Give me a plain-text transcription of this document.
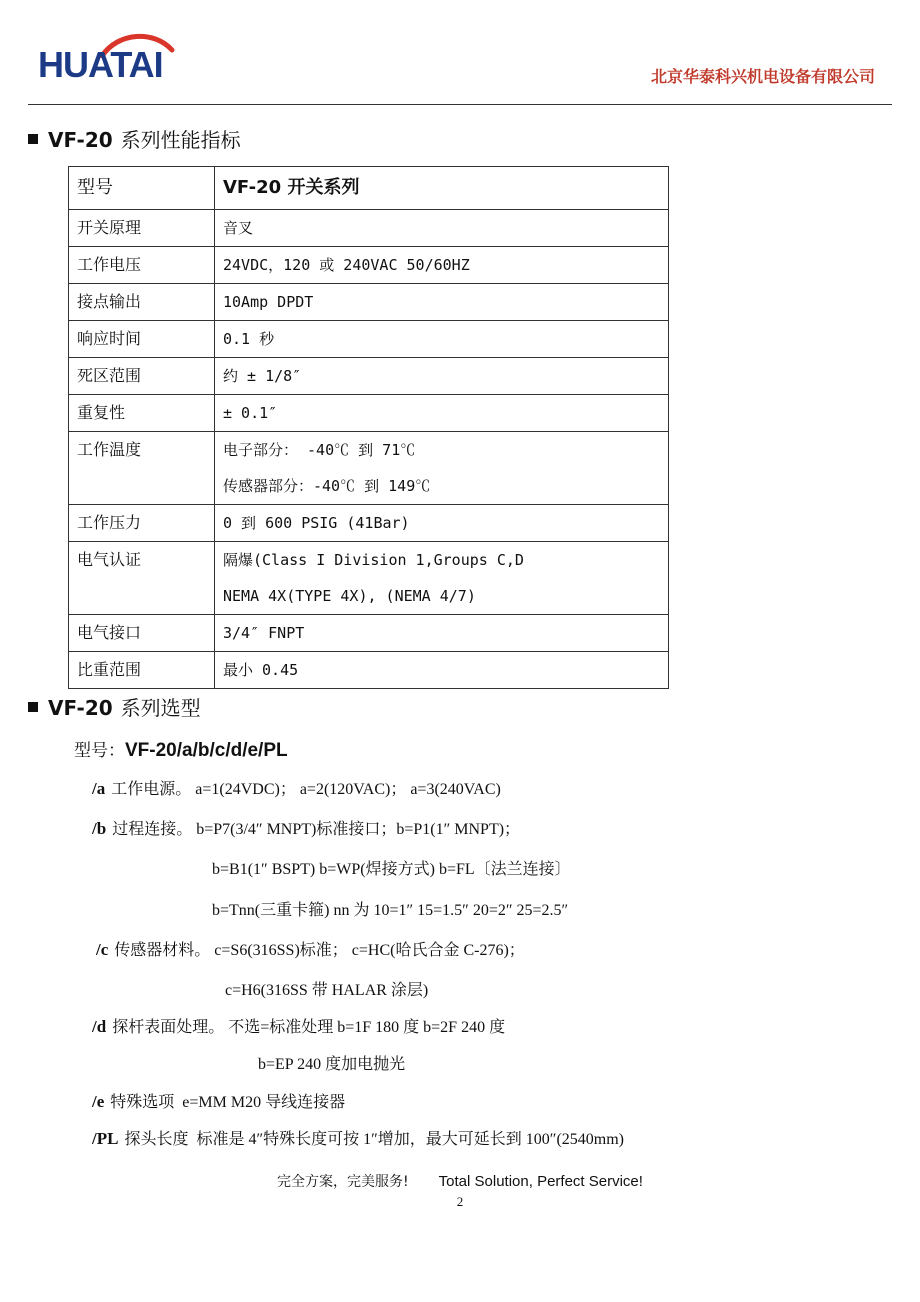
HUATAI	北京华泰科兴机电设备有限公司
VF-20 系列性能指标
型号	VF-20 开关系列

开关原理	音叉

工作电压	24VDC，120 或 240VAC 50/60HZ

接点输出	10Amp DPDT

响应时间	0.1 秒

死区范围	约 ± 1/8″

重复性	± 0.1″

工作温度	电子部分： -40℃ 到 71℃
传感器部分：-40℃ 到 149℃

工作压力	0 到 600 PSIG (41Bar)

电气认证	隔爆(Class I Division 1,Groups C,D
NEMA 4X(TYPE 4X), (NEMA 4/7)

电气接口	3/4″ FNPT

比重范围	最小 0.45
VF-20 系列选型
型号：VF-20/a/b/c/d/e/PL
/a 工作电源。 a=1(24VDC)； a=2(120VAC)； a=3(240VAC)
/b 过程连接。 b=P7(3/4″ MNPT)标准接口；b=P1(1″ MNPT)；
b=B1(1″ BSPT) b=WP(焊接方式) b=FL〔法兰连接〕
b=Tnn(三重卡箍) nn 为 10=1″ 15=1.5″ 20=2″ 25=2.5″
/c 传感器材料。 c=S6(316SS)标准； c=HC(哈氏合金 C-276)；
c=H6(316SS 带 HALAR 涂层)
/d 探杆表面处理。 不选=标准处理 b=1F 180 度 b=2F 240 度
b=EP 240 度加电抛光
/e 特殊选项 e=MM M20 导线连接器
/PL 探头长度 标准是 4″特殊长度可按 1″增加，最大可延长到 100″(2540mm)
完全方案，完美服务! Total Solution, Perfect Service!
2
